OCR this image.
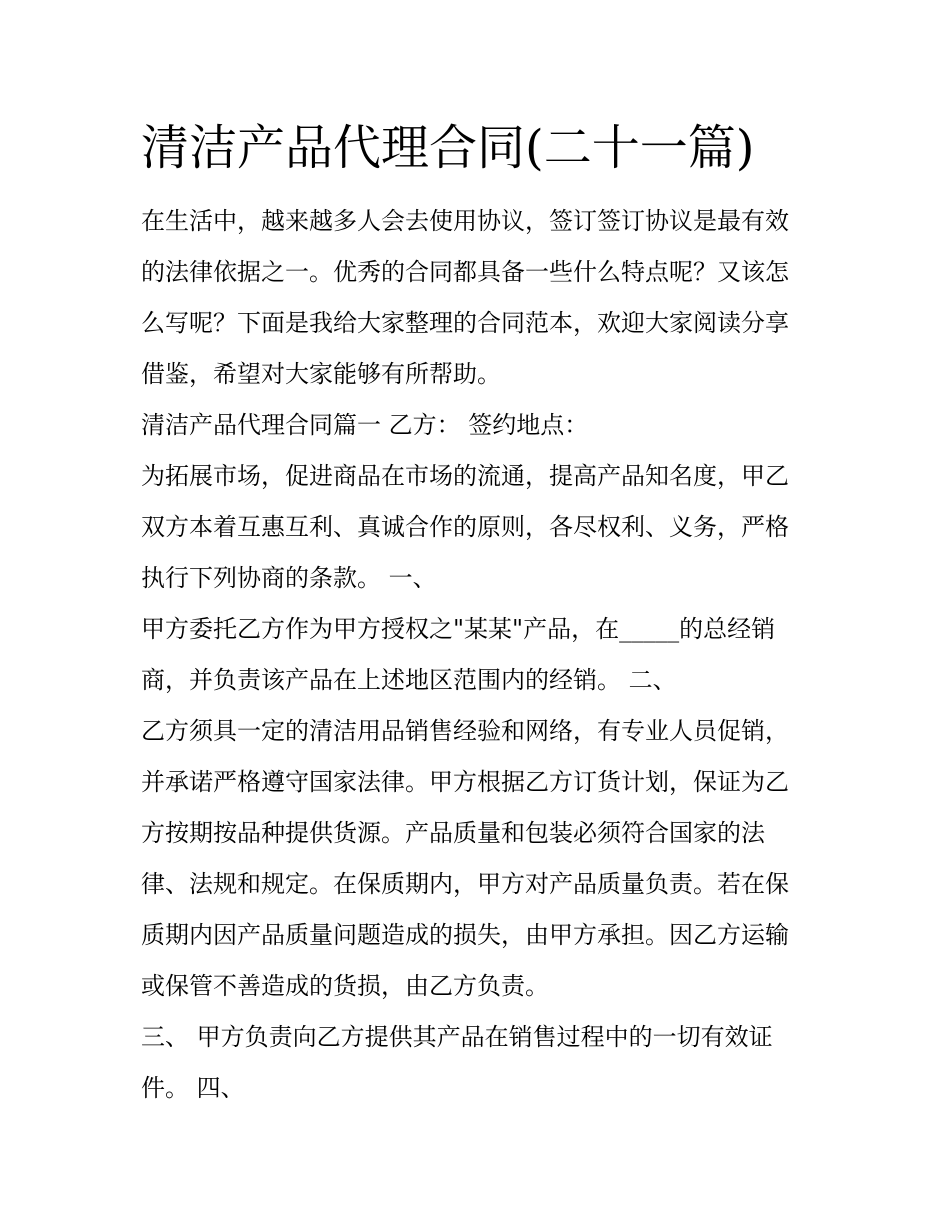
清洁产品代理合同(二十一篇)

在生活中，越来越多人会去使用协议，签订签订协议是最有效
的法律依据之一。优秀的合同都具备一些什么特点呢？又该怎
么写呢？下面是我给大家整理的合同范本，欢迎大家阅读分享
借鉴，希望对大家能够有所帮助。

清洁产品代理合同篇一 乙方： 签约地点：

为拓展市场，促进商品在市场的流通，提高产品知名度，甲乙
双方本着互惠互利、真诚合作的原则，各尽权利、义务，严格
执行下列协商的条款。 一、

甲方委托乙方作为甲方授权之"某某"产品，在_____的总经销
商，并负责该产品在上述地区范围内的经销。 二、

乙方须具一定的清洁用品销售经验和网络，有专业人员促销，
并承诺严格遵守国家法律。甲方根据乙方订货计划，保证为乙
方按期按品种提供货源。产品质量和包装必须符合国家的法
律、法规和规定。在保质期内，甲方对产品质量负责。若在保
质期内因产品质量问题造成的损失，由甲方承担。因乙方运输
或保管不善造成的货损，由乙方负责。

三、 甲方负责向乙方提供其产品在销售过程中的一切有效证
件。 四、
